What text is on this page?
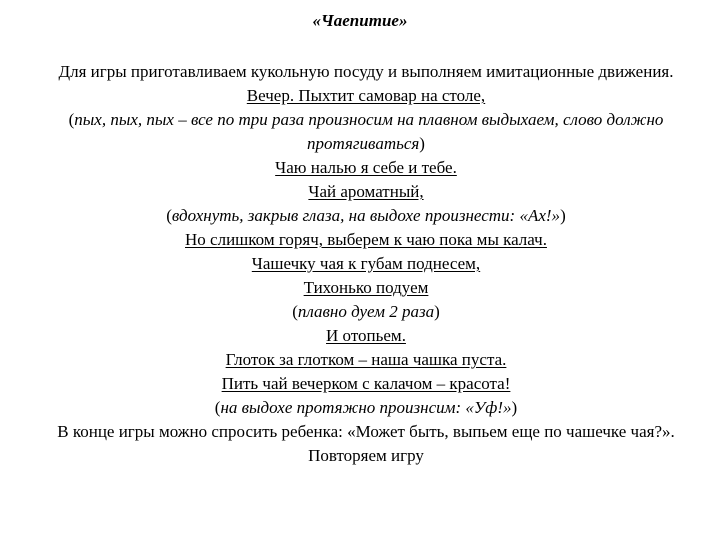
«Чаепитие»
Для игры приготавливаем кукольную посуду и выполняем имитационные движения.
Вечер. Пыхтит самовар на столе,
(пых, пых, пых – все по три раза произносим на плавном выдыхаем, слово должно протягиваться)
Чаю налью я себе и тебе.
Чай ароматный,
(вдохнуть, закрыв глаза, на выдохе произнести: «Ах!»)
Но слишком горяч, выберем к чаю пока мы калач.
Чашечку чая к губам поднесем,
Тихонько подуем
(плавно дуем 2 раза)
И отопьем.
Глоток за глотком – наша чашка пуста.
Пить чай вечерком с калачом – красота!
(на выдохе протяжно произнсим: «Уф!»)
В конце игры можно спросить ребенка: «Может быть, выпьем еще по чашечке чая?». Повторяем игру
